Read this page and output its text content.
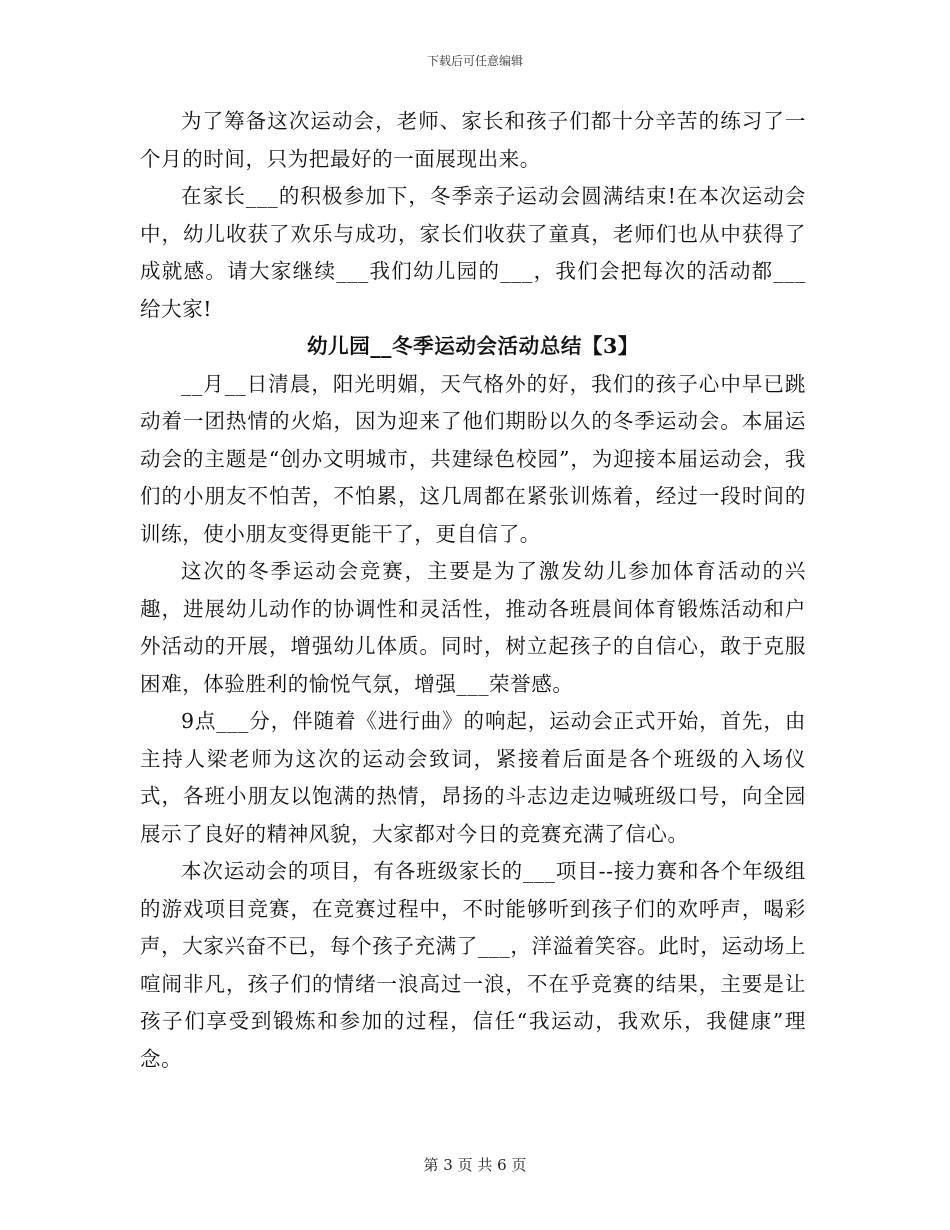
下载后可任意编辑

为了筹备这次运动会，老师、家长和孩子们都十分辛苦的练习了一个月的时间，只为把最好的一面展现出来。

在家长___的积极参加下，冬季亲子运动会圆满结束!在本次运动会中，幼儿收获了欢乐与成功，家长们收获了童真，老师们也从中获得了成就感。请大家继续___我们幼儿园的___，我们会把每次的活动都___给大家!

幼儿园__冬季运动会活动总结【3】

__月__日清晨，阳光明媚，天气格外的好，我们的孩子心中早已跳动着一团热情的火焰，因为迎来了他们期盼以久的冬季运动会。本届运动会的主题是“创办文明城市，共建绿色校园”，为迎接本届运动会，我们的小朋友不怕苦，不怕累，这几周都在紧张训炼着，经过一段时间的训练，使小朋友变得更能干了，更自信了。

这次的冬季运动会竞赛，主要是为了激发幼儿参加体育活动的兴趣，进展幼儿动作的协调性和灵活性，推动各班晨间体育锻炼活动和户外活动的开展，增强幼儿体质。同时，树立起孩子的自信心，敢于克服困难，体验胜利的愉悦气氛，增强___荣誉感。

9点___分，伴随着《进行曲》的响起，运动会正式开始，首先，由主持人梁老师为这次的运动会致词，紧接着后面是各个班级的入场仪式，各班小朋友以饱满的热情，昂扬的斗志边走边喊班级口号，向全园展示了良好的精神风貌，大家都对今日的竞赛充满了信心。

本次运动会的项目，有各班级家长的___项目--接力赛和各个年级组的游戏项目竞赛，在竞赛过程中，不时能够听到孩子们的欢呼声，喝彩声，大家兴奋不已，每个孩子充满了___，洋溢着笑容。此时，运动场上喧闹非凡，孩子们的情绪一浪高过一浪，不在乎竞赛的结果，主要是让孩子们享受到锻炼和参加的过程，信任“我运动，我欢乐，我健康”理念。

第 3 页 共 6 页
